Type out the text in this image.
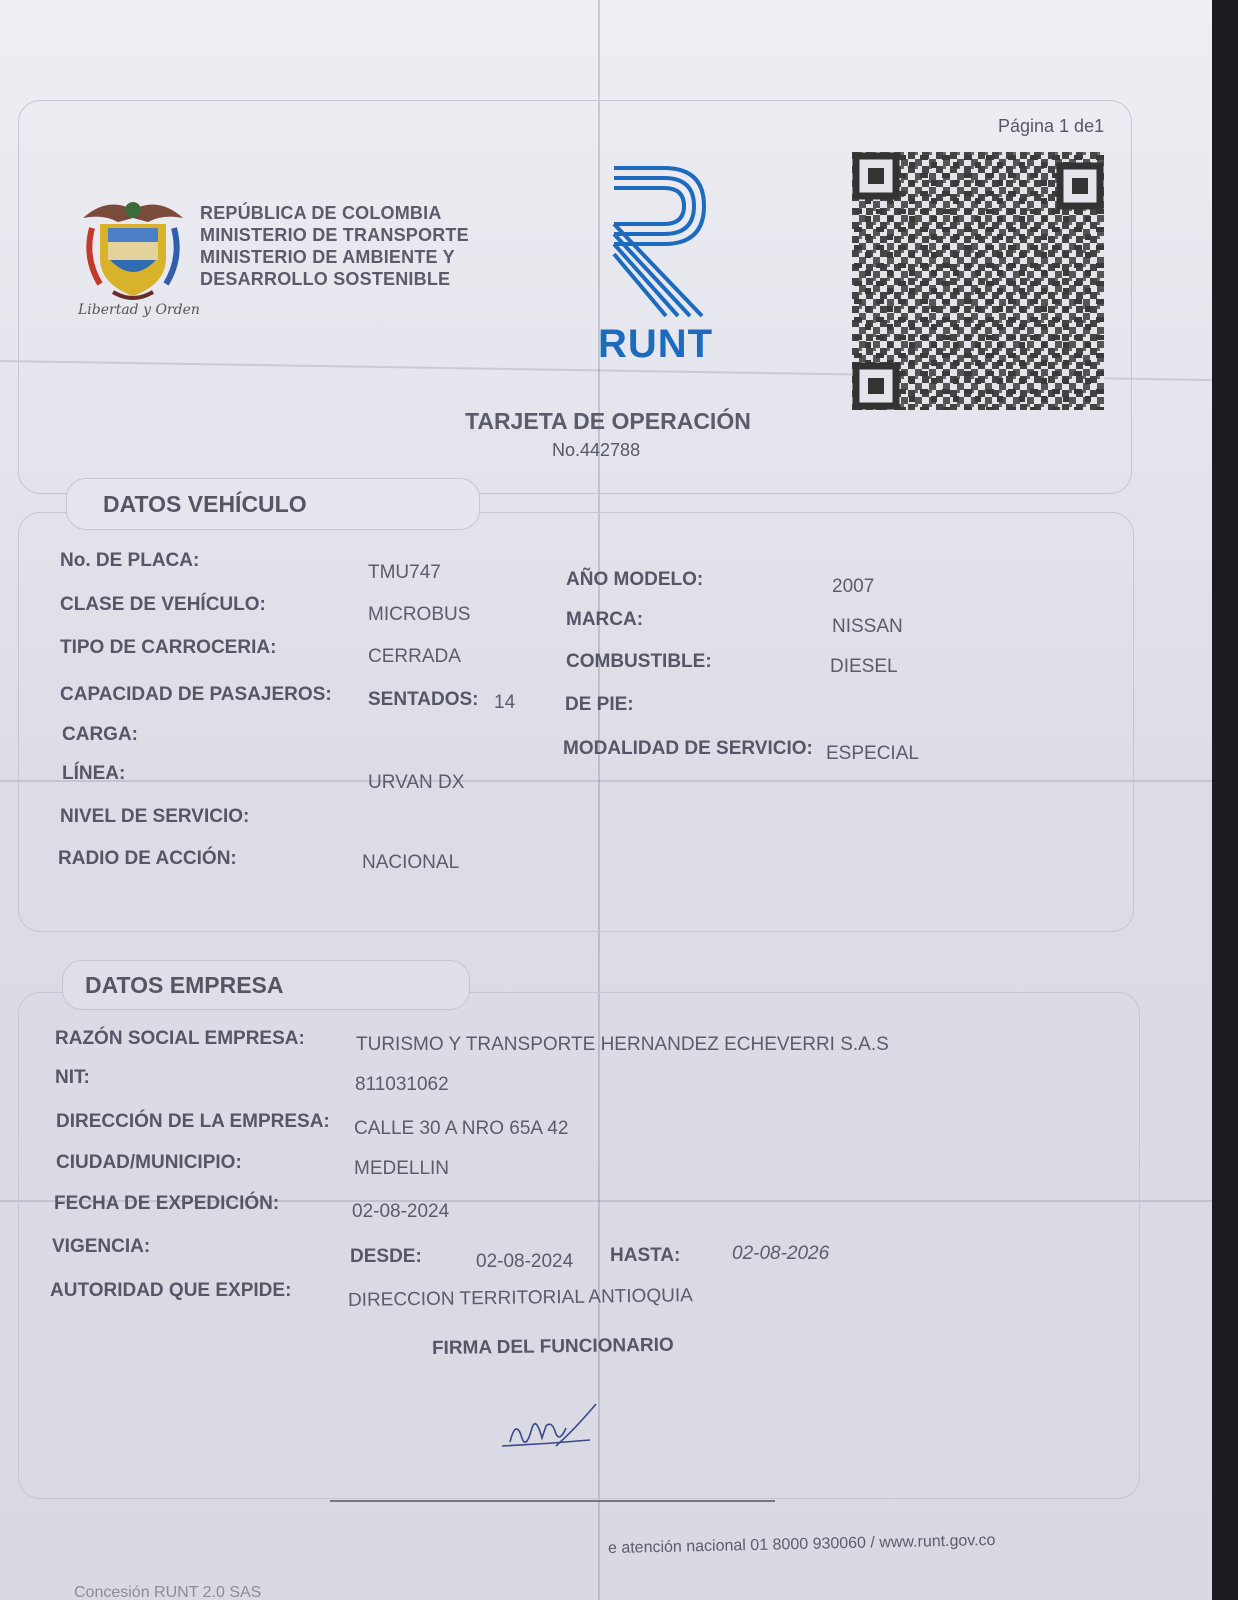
Página 1 de1
Libertad y Orden
REPÚBLICA DE COLOMBIA
MINISTERIO DE TRANSPORTE
MINISTERIO DE AMBIENTE Y
DESARROLLO SOSTENIBLE
RUNT
TARJETA DE OPERACIÓN
No.442788
DATOS VEHÍCULO
No. DE PLACA:
TMU747
CLASE DE VEHÍCULO:	MICROBUS
TIPO DE CARROCERIA:	CERRADA
CAPACIDAD DE PASAJEROS: SENTADOS: 14
CARGA:
LÍNEA:	URVAN DX
NIVEL DE SERVICIO:
RADIO DE ACCIÓN:	NACIONAL
AÑO MODELO:	2007
MARCA:	NISSAN
COMBUSTIBLE:	DIESEL
DE PIE:
MODALIDAD DE SERVICIO: ESPECIAL
DATOS EMPRESA
RAZÓN SOCIAL EMPRESA:	TURISMO Y TRANSPORTE HERNANDEZ ECHEVERRI S.A.S
NIT:	811031062
DIRECCIÓN DE LA EMPRESA: CALLE 30 A NRO 65A 42
CIUDAD/MUNICIPIO:	MEDELLIN
FECHA DE EXPEDICIÓN:	02-08-2024
VIGENCIA:	DESDE:	02-08-2024 HASTA:	02-08-2026
AUTORIDAD QUE EXPIDE:	DIRECCION TERRITORIAL ANTIOQUIA
FIRMA DEL FUNCIONARIO
e atención nacional 01 8000 930060 / www.runt.gov.co
Concesión RUNT 2.0 SAS
